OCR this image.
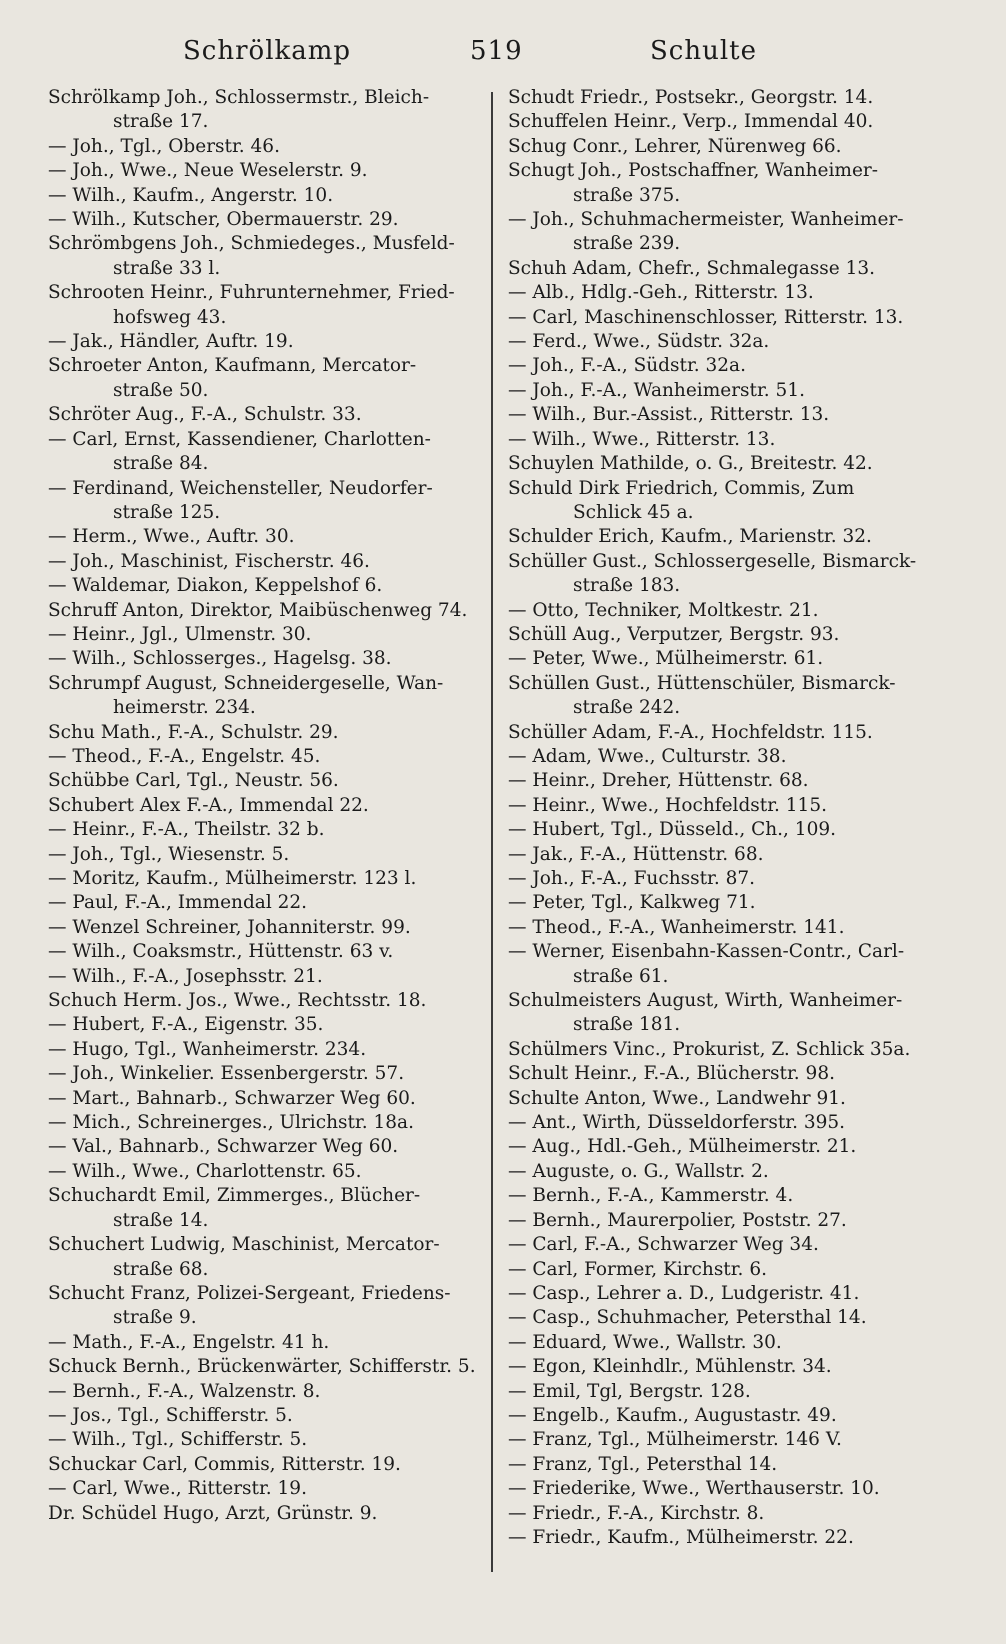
Schrölkamp	519	Schulte
Schrölkamp Joh., Schlossermstr., Bleich-
straße 17.
— Joh., Tgl., Oberstr. 46.
— Joh., Wwe., Neue Weselerstr. 9.
— Wilh., Kaufm., Angerstr. 10.
— Wilh., Kutscher, Obermauerstr. 29.
Schrömbgens Joh., Schmiedeges., Musfeld-
straße 33 l.
Schrooten Heinr., Fuhrunternehmer, Fried-
hofsweg 43.
— Jak., Händler, Auftr. 19.
Schroeter Anton, Kaufmann, Mercator-
straße 50.
Schröter Aug., F.-A., Schulstr. 33.
— Carl, Ernst, Kassendiener, Charlotten-
straße 84.
— Ferdinand, Weichensteller, Neudorfer-
straße 125.
— Herm., Wwe., Auftr. 30.
— Joh., Maschinist, Fischerstr. 46.
— Waldemar, Diakon, Keppelshof 6.
Schruff Anton, Direktor, Maibüschenweg 74.
— Heinr., Jgl., Ulmenstr. 30.
— Wilh., Schlosserges., Hagelsg. 38.
Schrumpf August, Schneidergeselle, Wan-
heimerstr. 234.
Schu Math., F.-A., Schulstr. 29.
— Theod., F.-A., Engelstr. 45.
Schübbe Carl, Tgl., Neustr. 56.
Schubert Alex F.-A., Immendal 22.
— Heinr., F.-A., Theilstr. 32 b.
— Joh., Tgl., Wiesenstr. 5.
— Moritz, Kaufm., Mülheimerstr. 123 l.
— Paul, F.-A., Immendal 22.
— Wenzel Schreiner, Johanniterstr. 99.
— Wilh., Coaksmstr., Hüttenstr. 63 v.
— Wilh., F.-A., Josephsstr. 21.
Schuch Herm. Jos., Wwe., Rechtsstr. 18.
— Hubert, F.-A., Eigenstr. 35.
— Hugo, Tgl., Wanheimerstr. 234.
— Joh., Winkelier. Essenbergerstr. 57.
— Mart., Bahnarb., Schwarzer Weg 60.
— Mich., Schreinerges., Ulrichstr. 18a.
— Val., Bahnarb., Schwarzer Weg 60.
— Wilh., Wwe., Charlottenstr. 65.
Schuchardt Emil, Zimmerges., Blücher-
straße 14.
Schuchert Ludwig, Maschinist, Mercator-
straße 68.
Schucht Franz, Polizei-Sergeant, Friedens-
straße 9.
— Math., F.-A., Engelstr. 41 h.
Schuck Bernh., Brückenwärter, Schifferstr. 5.
— Bernh., F.-A., Walzenstr. 8.
— Jos., Tgl., Schifferstr. 5.
— Wilh., Tgl., Schifferstr. 5.
Schuckar Carl, Commis, Ritterstr. 19.
— Carl, Wwe., Ritterstr. 19.
Dr. Schüdel Hugo, Arzt, Grünstr. 9.
Schudt Friedr., Postsekr., Georgstr. 14.
Schuffelen Heinr., Verp., Immendal 40.
Schug Conr., Lehrer, Nürenweg 66.
Schugt Joh., Postschaffner, Wanheimer-
straße 375.
— Joh., Schuhmachermeister, Wanheimer-
straße 239.
Schuh Adam, Chefr., Schmalegasse 13.
— Alb., Hdlg.-Geh., Ritterstr. 13.
— Carl, Maschinenschlosser, Ritterstr. 13.
— Ferd., Wwe., Südstr. 32a.
— Joh., F.-A., Südstr. 32a.
— Joh., F.-A., Wanheimerstr. 51.
— Wilh., Bur.-Assist., Ritterstr. 13.
— Wilh., Wwe., Ritterstr. 13.
Schuylen Mathilde, o. G., Breitestr. 42.
Schuld Dirk Friedrich, Commis, Zum
Schlick 45 a.
Schulder Erich, Kaufm., Marienstr. 32.
Schüller Gust., Schlossergeselle, Bismarck-
straße 183.
— Otto, Techniker, Moltkestr. 21.
Schüll Aug., Verputzer, Bergstr. 93.
— Peter, Wwe., Mülheimerstr. 61.
Schüllen Gust., Hüttenschüler, Bismarck-
straße 242.
Schüller Adam, F.-A., Hochfeldstr. 115.
— Adam, Wwe., Culturstr. 38.
— Heinr., Dreher, Hüttenstr. 68.
— Heinr., Wwe., Hochfeldstr. 115.
— Hubert, Tgl., Düsseld., Ch., 109.
— Jak., F.-A., Hüttenstr. 68.
— Joh., F.-A., Fuchsstr. 87.
— Peter, Tgl., Kalkweg 71.
— Theod., F.-A., Wanheimerstr. 141.
— Werner, Eisenbahn-Kassen-Contr., Carl-
straße 61.
Schulmeisters August, Wirth, Wanheimer-
straße 181.
Schülmers Vinc., Prokurist, Z. Schlick 35a.
Schult Heinr., F.-A., Blücherstr. 98.
Schulte Anton, Wwe., Landwehr 91.
— Ant., Wirth, Düsseldorferstr. 395.
— Aug., Hdl.-Geh., Mülheimerstr. 21.
— Auguste, o. G., Wallstr. 2.
— Bernh., F.-A., Kammerstr. 4.
— Bernh., Maurerpolier, Poststr. 27.
— Carl, F.-A., Schwarzer Weg 34.
— Carl, Former, Kirchstr. 6.
— Casp., Lehrer a. D., Ludgeristr. 41.
— Casp., Schuhmacher, Petersthal 14.
— Eduard, Wwe., Wallstr. 30.
— Egon, Kleinhdlr., Mühlenstr. 34.
— Emil, Tgl, Bergstr. 128.
— Engelb., Kaufm., Augustastr. 49.
— Franz, Tgl., Mülheimerstr. 146 V.
— Franz, Tgl., Petersthal 14.
— Friederike, Wwe., Werthauserstr. 10.
— Friedr., F.-A., Kirchstr. 8.
— Friedr., Kaufm., Mülheimerstr. 22.
